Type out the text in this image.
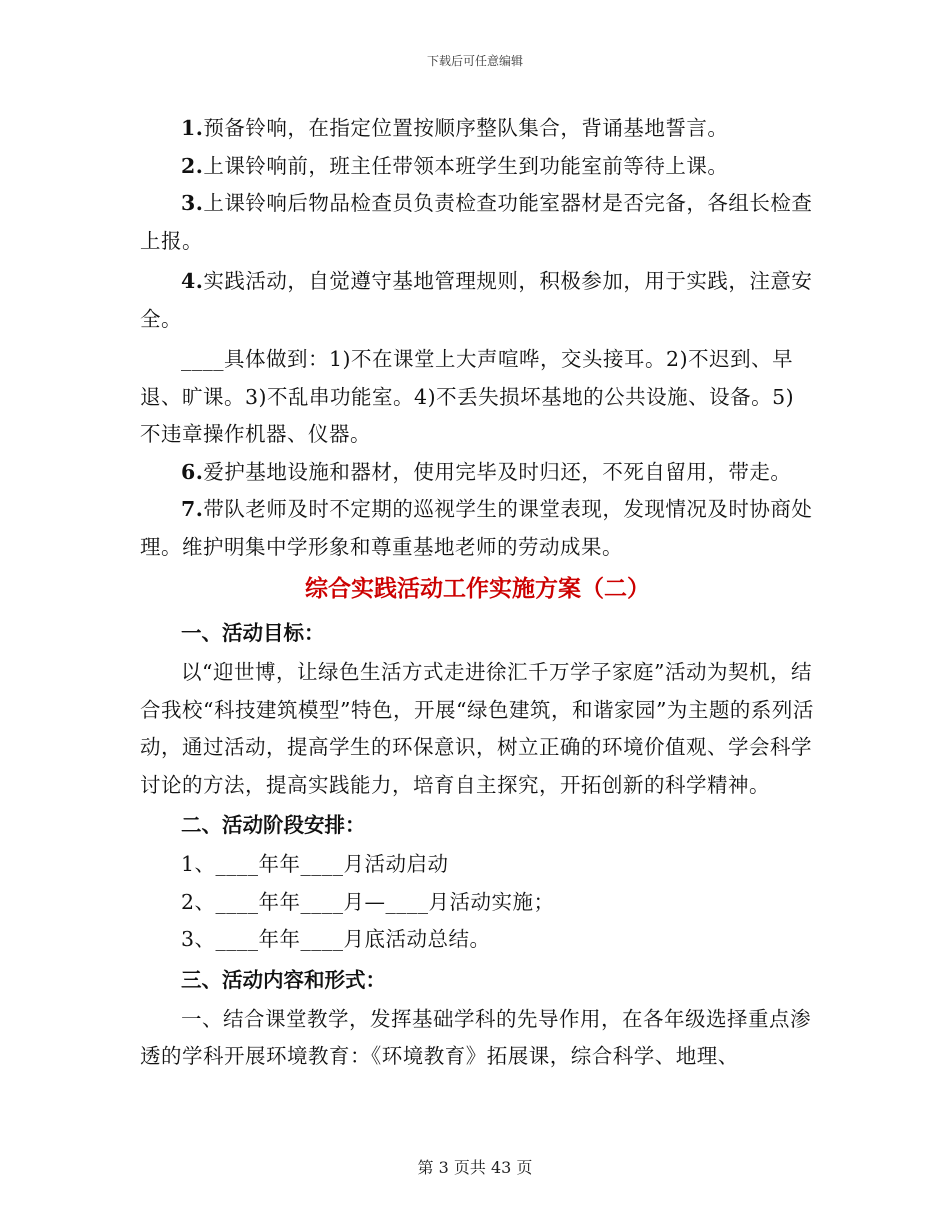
下载后可任意编辑

1.预备铃响，在指定位置按顺序整队集合，背诵基地誓言。

2.上课铃响前，班主任带领本班学生到功能室前等待上课。

3.上课铃响后物品检查员负责检查功能室器材是否完备，各组长检查上报。

4.实践活动，自觉遵守基地管理规则，积极参加，用于实践，注意安全。

____具体做到：1)不在课堂上大声喧哗，交头接耳。2)不迟到、早退、旷课。3)不乱串功能室。4)不丢失损坏基地的公共设施、设备。5)不违章操作机器、仪器。

6.爱护基地设施和器材，使用完毕及时归还，不死自留用，带走。

7.带队老师及时不定期的巡视学生的课堂表现，发现情况及时协商处理。维护明集中学形象和尊重基地老师的劳动成果。

综合实践活动工作实施方案（二）

一、活动目标：

以“迎世博，让绿色生活方式走进徐汇千万学子家庭”活动为契机，结合我校“科技建筑模型”特色，开展“绿色建筑，和谐家园”为主题的系列活动，通过活动，提高学生的环保意识，树立正确的环境价值观、学会科学讨论的方法，提高实践能力，培育自主探究，开拓创新的科学精神。

二、活动阶段安排：

1、____年年____月活动启动

2、____年年____月—____月活动实施；

3、____年年____月底活动总结。

三、活动内容和形式：

一、结合课堂教学，发挥基础学科的先导作用，在各年级选择重点渗透的学科开展环境教育：《环境教育》拓展课，综合科学、地理、

第 3 页共 43 页
